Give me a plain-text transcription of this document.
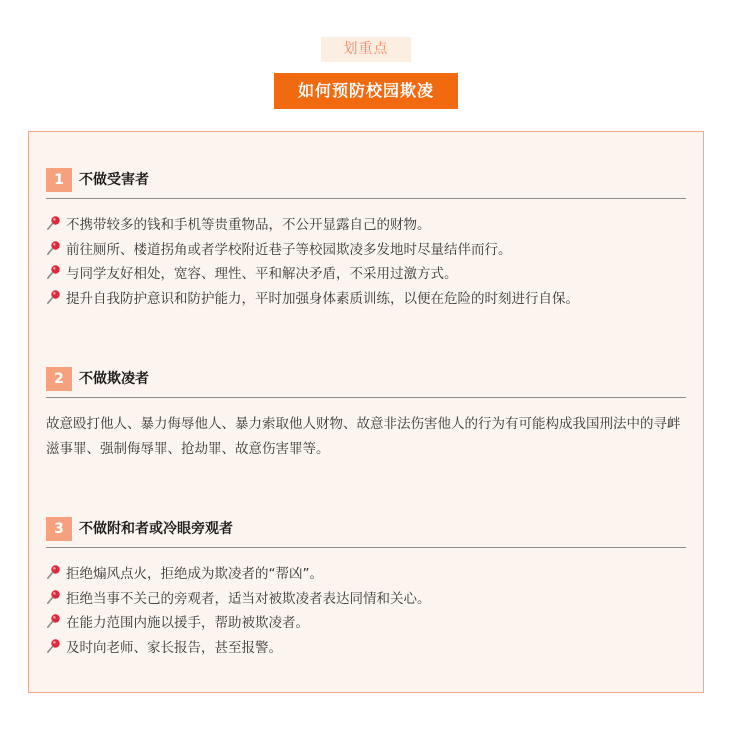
划重点
如何预防校园欺凌
1	不做受害者
不携带较多的钱和手机等贵重物品，不公开显露自己的财物。
前往厕所、楼道拐角或者学校附近巷子等校园欺凌多发地时尽量结伴而行。
与同学友好相处，宽容、理性、平和解决矛盾，不采用过激方式。
提升自我防护意识和防护能力，平时加强身体素质训练，以便在危险的时刻进行自保。
2	不做欺凌者

故意殴打他人、暴力侮辱他人、暴力索取他人财物、故意非法伤害他人的行为有可能构成我国刑法中的寻衅滋事罪、强制侮辱罪、抢劫罪、故意伤害罪等。

3	不做附和者或冷眼旁观者
拒绝煽风点火，拒绝成为欺凌者的“帮凶”。
拒绝当事不关己的旁观者，适当对被欺凌者表达同情和关心。
在能力范围内施以援手，帮助被欺凌者。
及时向老师、家长报告，甚至报警。
